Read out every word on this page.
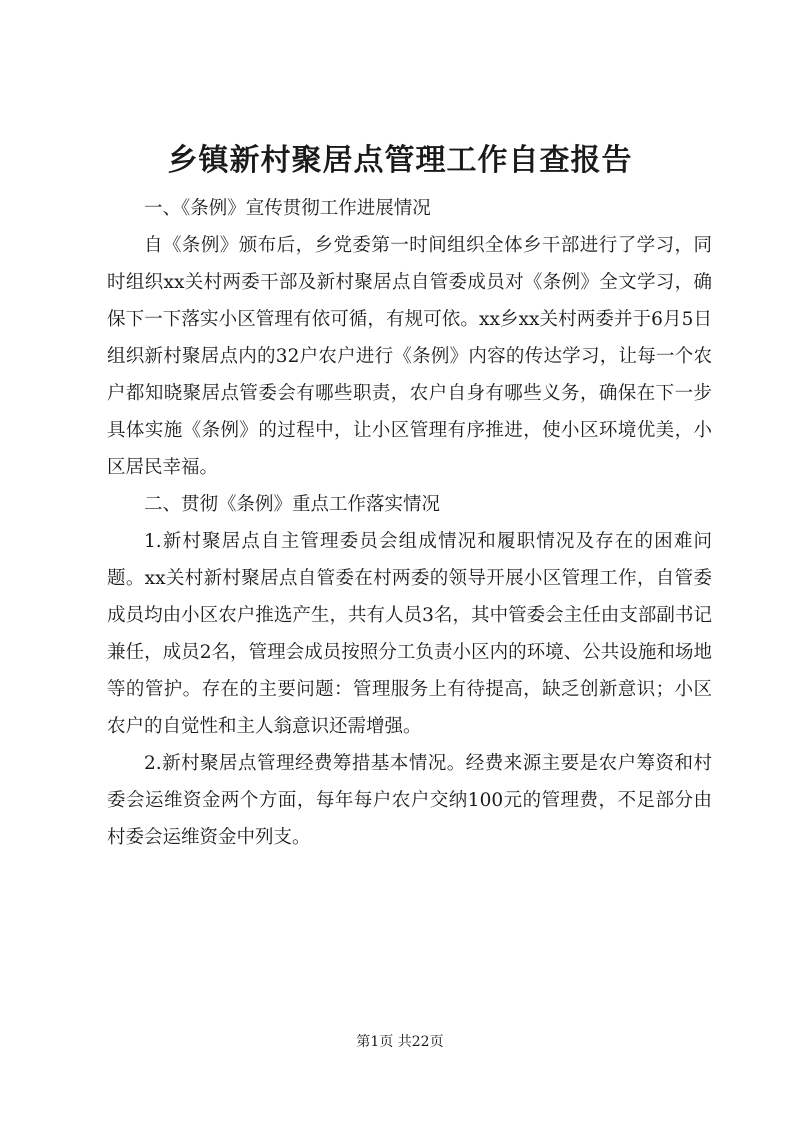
乡镇新村聚居点管理工作自查报告

一、《条例》宣传贯彻工作进展情况

自《条例》颁布后，乡党委第一时间组织全体乡干部进行了学习，同时组织xx关村两委干部及新村聚居点自管委成员对《条例》全文学习，确保下一下落实小区管理有依可循，有规可依。xx乡xx关村两委并于6月5日组织新村聚居点内的32户农户进行《条例》内容的传达学习，让每一个农户都知晓聚居点管委会有哪些职责，农户自身有哪些义务，确保在下一步具体实施《条例》的过程中，让小区管理有序推进，使小区环境优美，小区居民幸福。

二、贯彻《条例》重点工作落实情况

1.新村聚居点自主管理委员会组成情况和履职情况及存在的困难问题。xx关村新村聚居点自管委在村两委的领导开展小区管理工作，自管委成员均由小区农户推选产生，共有人员3名，其中管委会主任由支部副书记兼任，成员2名，管理会成员按照分工负责小区内的环境、公共设施和场地等的管护。存在的主要问题：管理服务上有待提高，缺乏创新意识；小区农户的自觉性和主人翁意识还需增强。

2.新村聚居点管理经费筹措基本情况。经费来源主要是农户筹资和村委会运维资金两个方面，每年每户农户交纳100元的管理费，不足部分由村委会运维资金中列支。

第1页 共22页
